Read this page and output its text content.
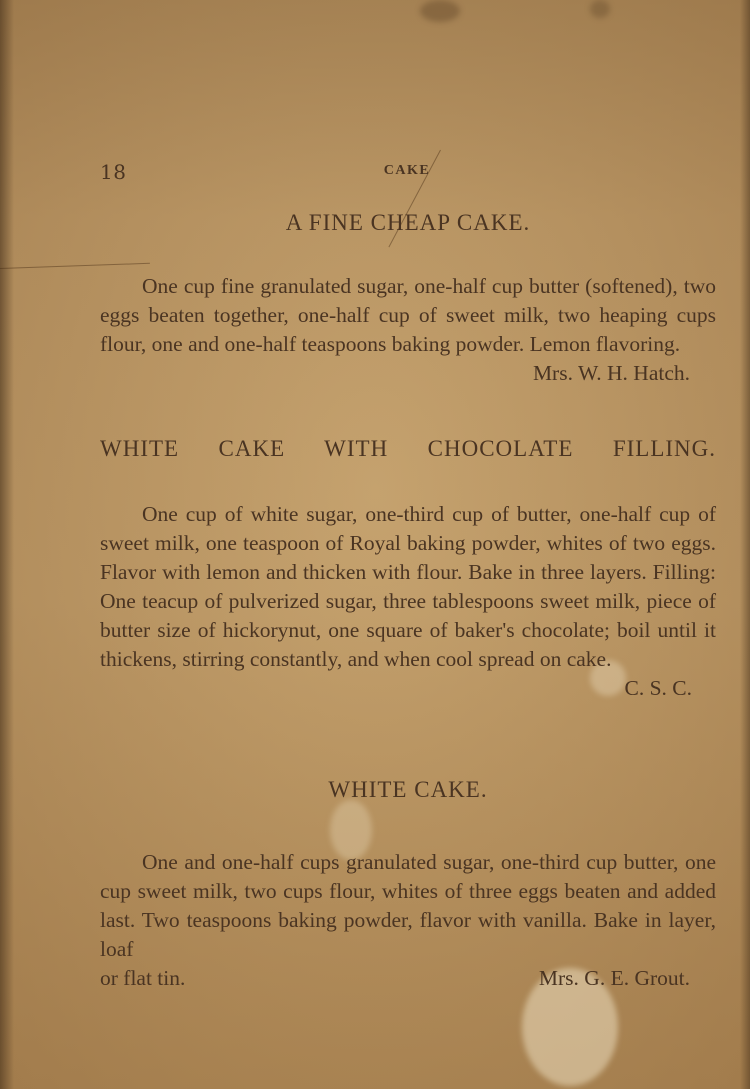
18	CAKE
A FINE CHEAP CAKE.

One cup fine granulated sugar, one-half cup butter (softened), two eggs beaten together, one-half cup of sweet milk, two heaping cups flour, one and one-half teaspoons baking powder. Lemon flavoring.

Mrs. W. H. Hatch.

WHITE CAKE WITH CHOCOLATE FILLING.

One cup of white sugar, one-third cup of butter, one-half cup of sweet milk, one teaspoon of Royal baking powder, whites of two eggs. Flavor with lemon and thicken with flour. Bake in three layers. Filling: One teacup of pulverized sugar, three tablespoons sweet milk, piece of butter size of hickorynut, one square of baker's chocolate; boil until it thickens, stirring constantly, and when cool spread on cake.

C. S. C.

WHITE CAKE.

One and one-half cups granulated sugar, one-third cup butter, one cup sweet milk, two cups flour, whites of three eggs beaten and added last. Two teaspoons baking powder, flavor with vanilla. Bake in layer, loaf

or flat tin.	Mrs. G. E. Grout.
